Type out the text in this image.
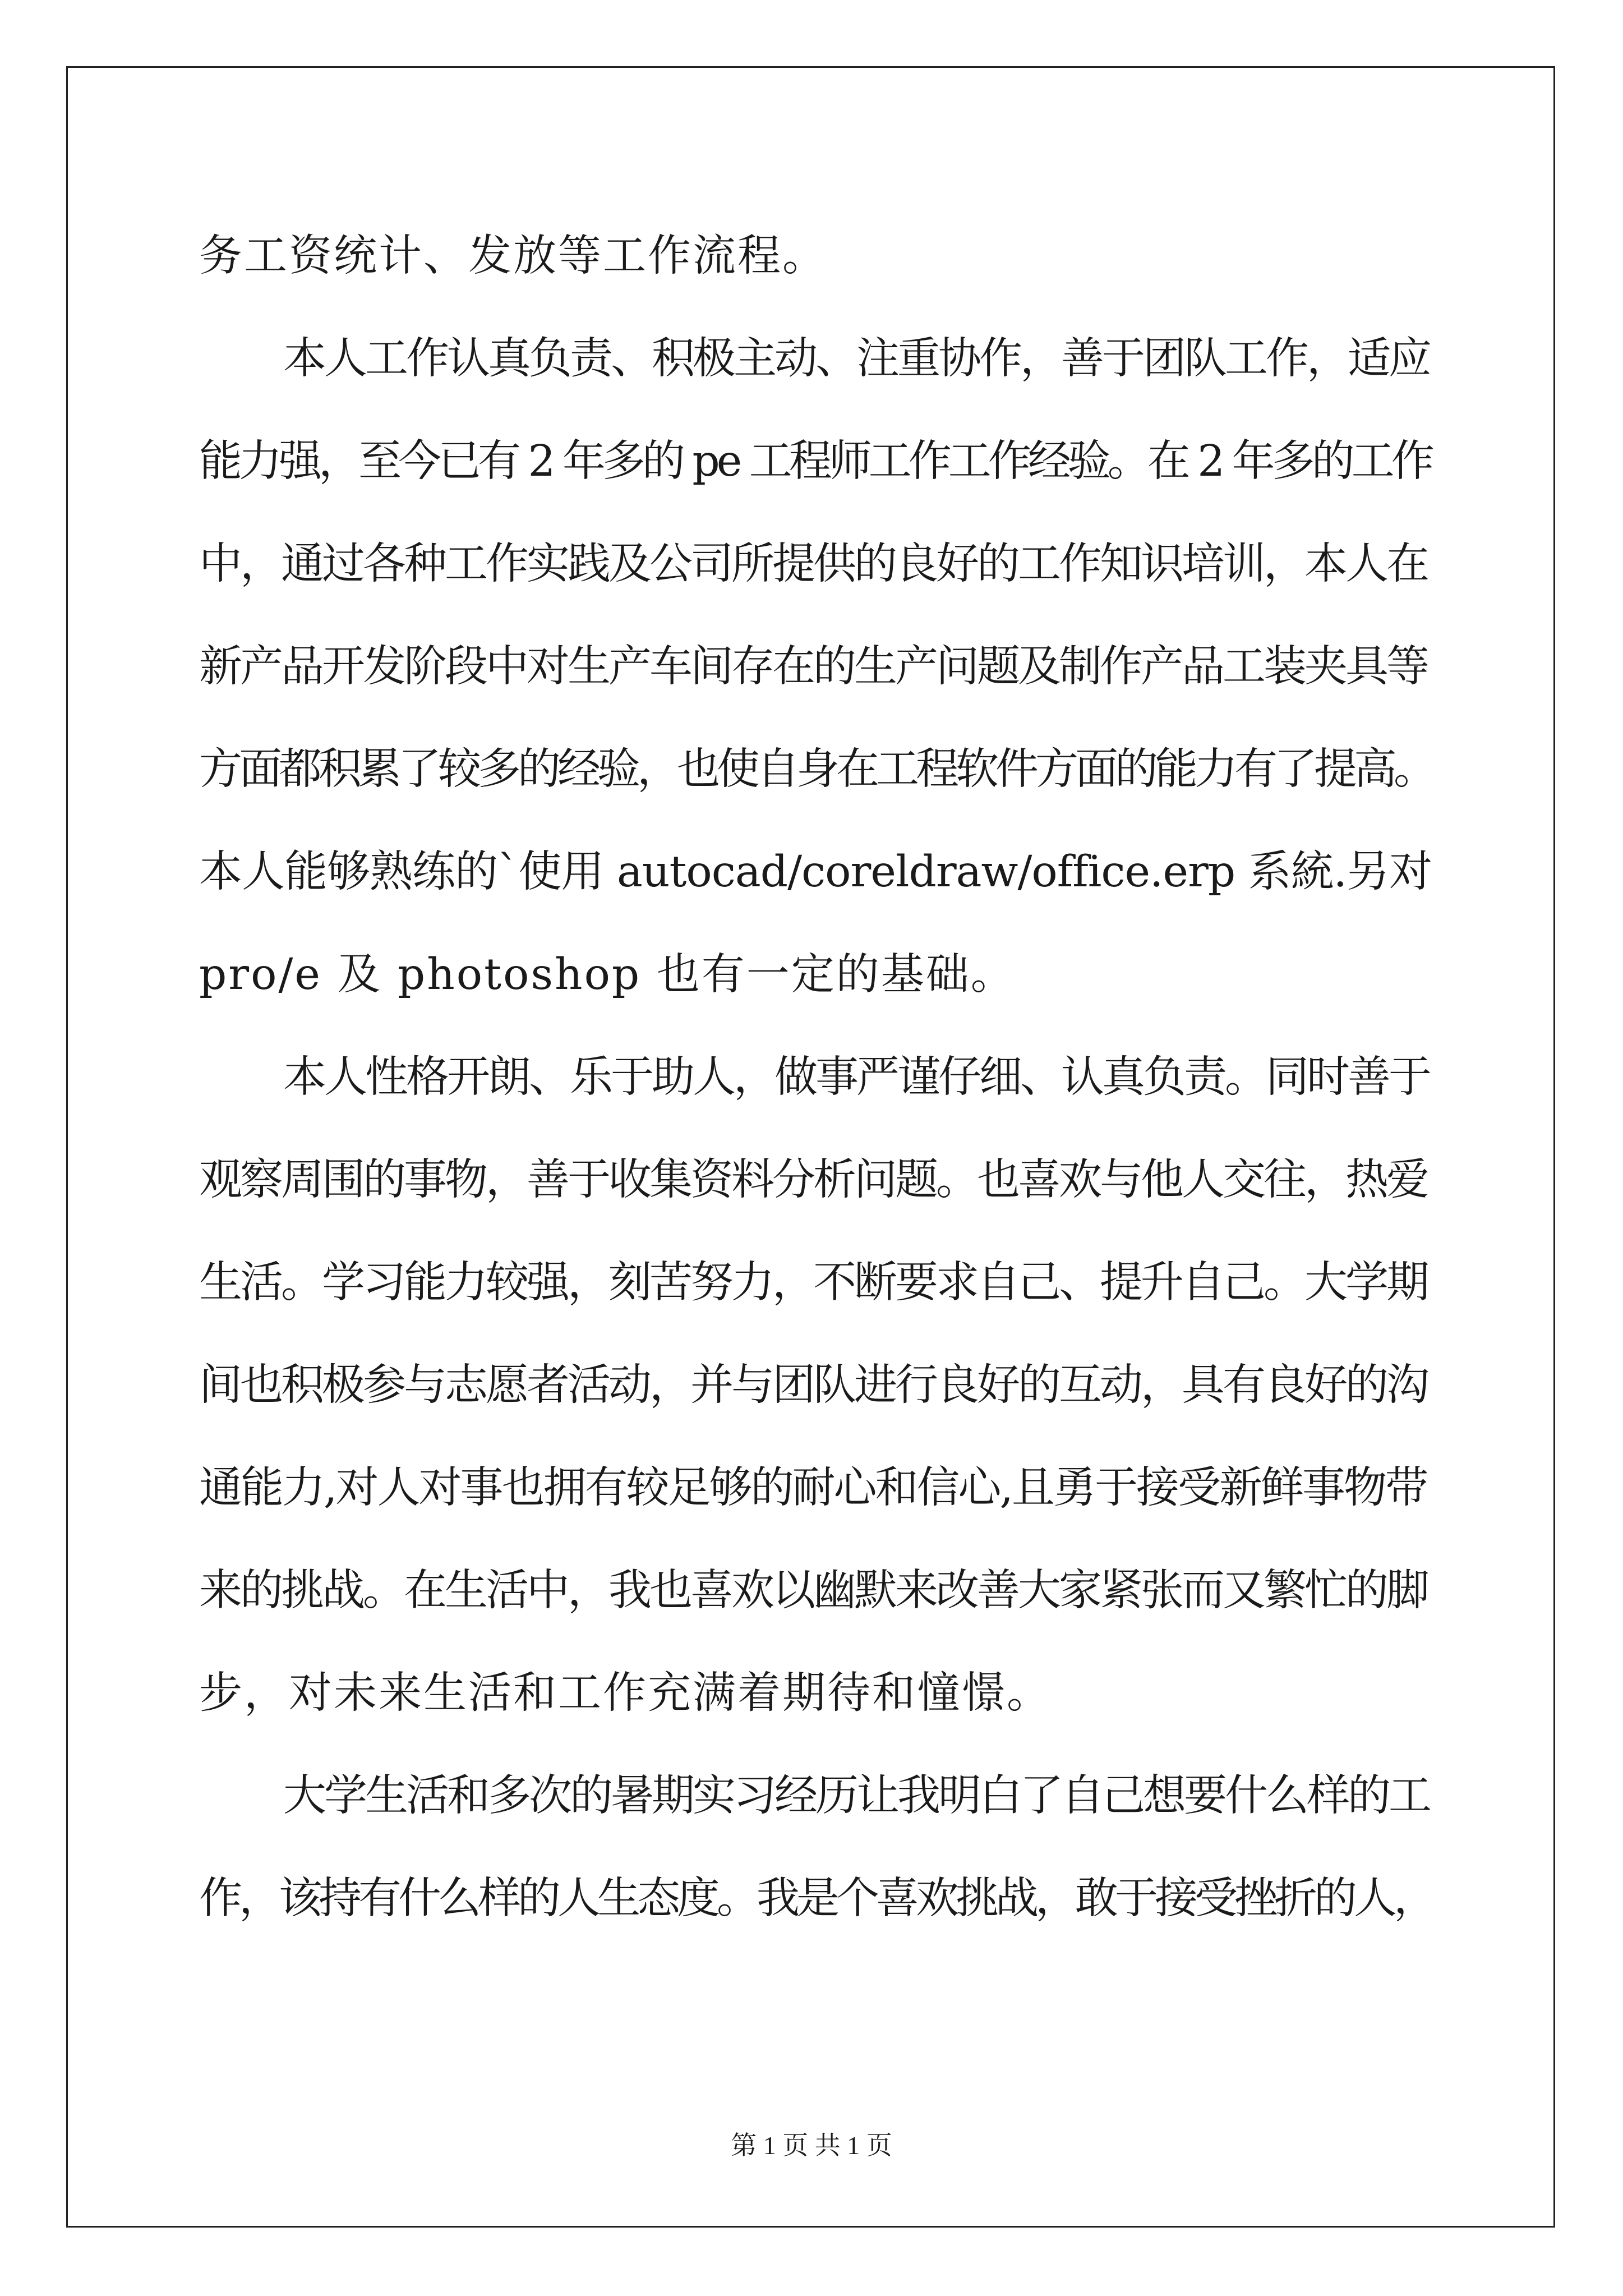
务工资统计、发放等工作流程。
本人工作认真负责、积极主动、注重协作，善于团队工作，适应
能力强，至今已有 2 年多的 pe 工程师工作工作经验。在 2 年多的工作
中，通过各种工作实践及公司所提供的良好的工作知识培训，本人在
新产品开发阶段中对生产车间存在的生产问题及制作产品工装夹具等
方面都积累了较多的经验，也使自身在工程软件方面的能力有了提高。
本人能够熟练的`使用 autocad/coreldraw/office.erp 系統.另对
pro/e 及 photoshop 也有一定的基础。
本人性格开朗、乐于助人，做事严谨仔细、认真负责。同时善于
观察周围的事物，善于收集资料分析问题。也喜欢与他人交往，热爱
生活。学习能力较强，刻苦努力，不断要求自己、提升自己。大学期
间也积极参与志愿者活动，并与团队进行良好的互动，具有良好的沟
通能力,对人对事也拥有较足够的耐心和信心,且勇于接受新鲜事物带
来的挑战。在生活中，我也喜欢以幽默来改善大家紧张而又繁忙的脚
步，对未来生活和工作充满着期待和憧憬。
大学生活和多次的暑期实习经历让我明白了自己想要什么样的工
作，该持有什么样的人生态度。我是个喜欢挑战，敢于接受挫折的人，
第 1 页 共 1 页
